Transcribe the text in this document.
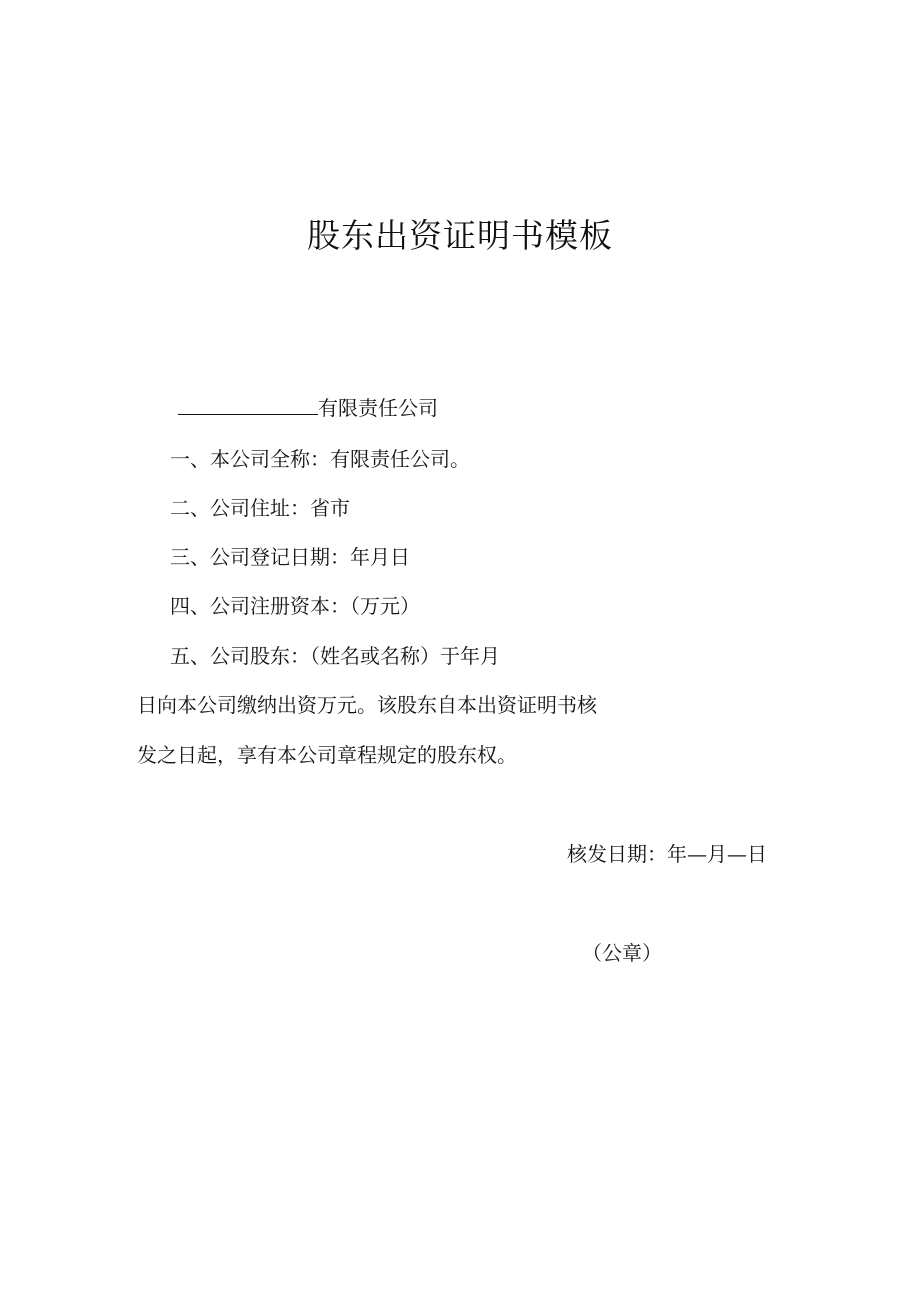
股东出资证明书模板

有限责任公司

一、本公司全称：有限责任公司。

二、公司住址：省市

三、公司登记日期：年月日

四、公司注册资本：（万元）

五、公司股东：（姓名或名称）于年月

日向本公司缴纳出资万元。该股东自本出资证明书核

发之日起，享有本公司章程规定的股东权。

核发日期：年—月—日

（公章）
